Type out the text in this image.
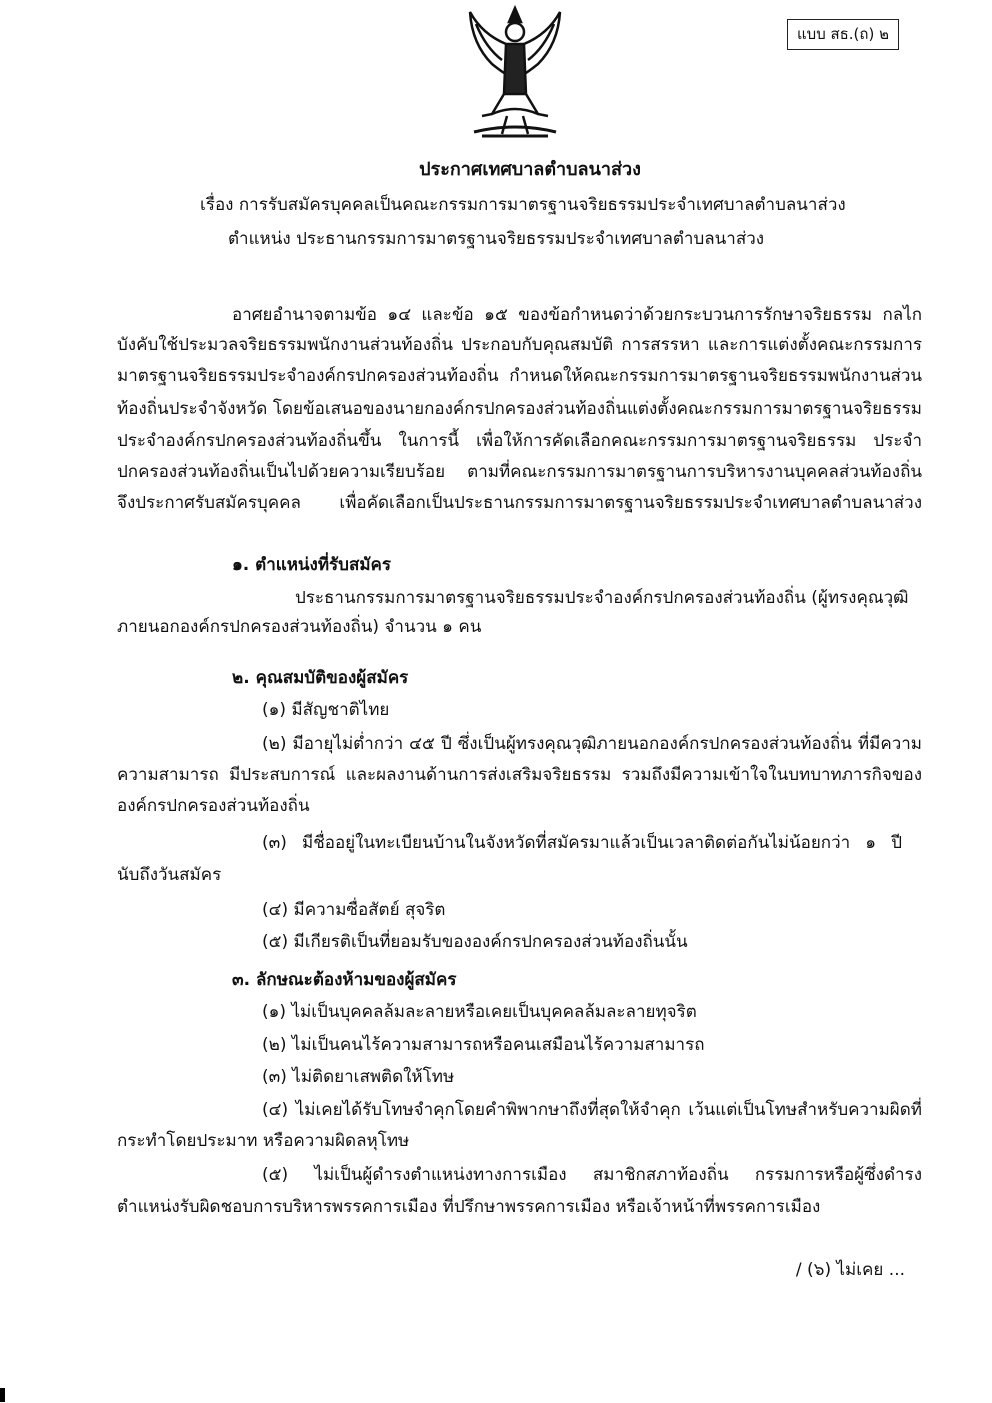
แบบ สธ.(ถ) ๒
ประกาศเทศบาลตำบลนาส่วง
เรื่อง การรับสมัครบุคคลเป็นคณะกรรมการมาตรฐานจริยธรรมประจำเทศบาลตำบลนาส่วง
ตำแหน่ง ประธานกรรมการมาตรฐานจริยธรรมประจำเทศบาลตำบลนาส่วง
อาศยอำนาจตามข้อ ๑๔ และข้อ ๑๕ ของข้อกำหนดว่าด้วยกระบวนการรักษาจริยธรรม กลไก
บังคับใช้ประมวลจริยธรรมพนักงานส่วนท้องถิ่น ประกอบกับคุณสมบัติ การสรรหา และการแต่งตั้งคณะกรรมการ
มาตรฐานจริยธรรมประจำองค์กรปกครองส่วนท้องถิ่น กำหนดให้คณะกรรมการมาตรฐานจริยธรรมพนักงานส่วน
ท้องถิ่นประจำจังหวัด โดยข้อเสนอของนายกองค์กรปกครองส่วนท้องถิ่นแต่งตั้งคณะกรรมการมาตรฐานจริยธรรม
ประจำองค์กรปกครองส่วนท้องถิ่นขึ้น ในการนี้ เพื่อให้การคัดเลือกคณะกรรมการมาตรฐานจริยธรรม ประจำ
ปกครองส่วนท้องถิ่นเป็นไปด้วยความเรียบร้อย ตามที่คณะกรรมการมาตรฐานการบริหารงานบุคคลส่วนท้องถิ่น
จึงประกาศรับสมัครบุคคล เพื่อคัดเลือกเป็นประธานกรรมการมาตรฐานจริยธรรมประจำเทศบาลตำบลนาส่วง
๑. ตำแหน่งที่รับสมัคร
ประธานกรรมการมาตรฐานจริยธรรมประจำองค์กรปกครองส่วนท้องถิ่น (ผู้ทรงคุณวุฒิ
ภายนอกองค์กรปกครองส่วนท้องถิ่น) จำนวน ๑ คน
๒. คุณสมบัติของผู้สมัคร
(๑) มีสัญชาติไทย
(๒) มีอายุไม่ต่ำกว่า ๔๕ ปี ซึ่งเป็นผู้ทรงคุณวุฒิภายนอกองค์กรปกครองส่วนท้องถิ่น ที่มีความ
ความสามารถ มีประสบการณ์ และผลงานด้านการส่งเสริมจริยธรรม รวมถึงมีความเข้าใจในบทบาทภารกิจของ
องค์กรปกครองส่วนท้องถิ่น
(๓) มีชื่ออยู่ในทะเบียนบ้านในจังหวัดที่สมัครมาแล้วเป็นเวลาติดต่อกันไม่น้อยกว่า ๑ ปี
นับถึงวันสมัคร
(๔) มีความซื่อสัตย์ สุจริต
(๕) มีเกียรติเป็นที่ยอมรับขององค์กรปกครองส่วนท้องถิ่นนั้น
๓. ลักษณะต้องห้ามของผู้สมัคร
(๑) ไม่เป็นบุคคลล้มละลายหรือเคยเป็นบุคคลล้มละลายทุจริต
(๒) ไม่เป็นคนไร้ความสามารถหรือคนเสมือนไร้ความสามารถ
(๓) ไม่ติดยาเสพติดให้โทษ
(๔) ไม่เคยได้รับโทษจำคุกโดยคำพิพากษาถึงที่สุดให้จำคุก เว้นแต่เป็นโทษสำหรับความผิดที่
กระทำโดยประมาท หรือความผิดลหุโทษ
(๕) ไม่เป็นผู้ดำรงตำแหน่งทางการเมือง สมาชิกสภาท้องถิ่น กรรมการหรือผู้ซึ่งดำรง
ตำแหน่งรับผิดชอบการบริหารพรรคการเมือง ที่ปรึกษาพรรคการเมือง หรือเจ้าหน้าที่พรรคการเมือง
/ (๖) ไม่เคย ...
